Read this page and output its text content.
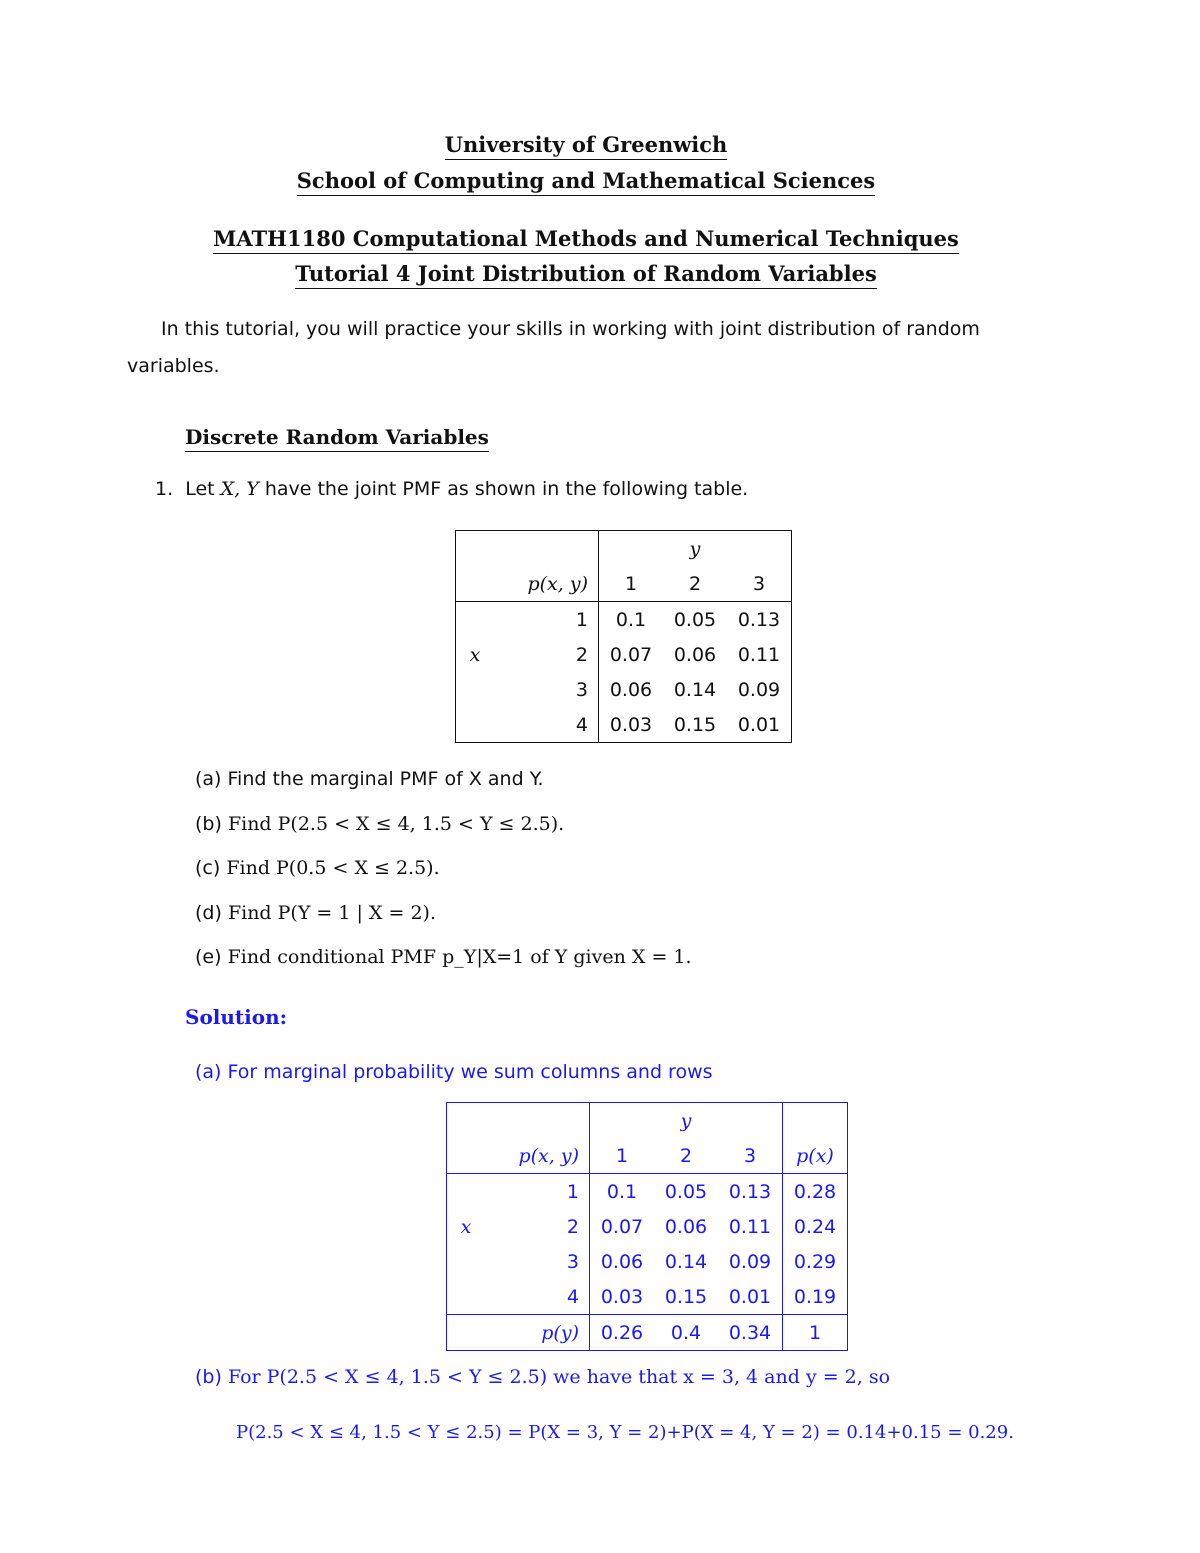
University of Greenwich
School of Computing and Mathematical Sciences
MATH1180 Computational Methods and Numerical Techniques
Tutorial 4 Joint Distribution of Random Variables
In this tutorial, you will practice your skills in working with joint distribution of random
variables.
Discrete Random Variables
1. Let X, Y have the joint PMF as shown in the following table.
		y			
	p(x, y)	1	2	3	
	1	0.1	0.05	0.13	
x	2	0.07	0.06	0.11	
	3	0.06	0.14	0.09	
	4	0.03	0.15	0.01	
(a) Find the marginal PMF of X and Y.
(b) Find P(2.5 < X ≤ 4, 1.5 < Y ≤ 2.5).
(c) Find P(0.5 < X ≤ 2.5).
(d) Find P(Y = 1 | X = 2).
(e) Find conditional PMF p_Y|X=1 of Y given X = 1.
Solution:
(a) For marginal probability we sum columns and rows
		y			
	p(x, y)	1	2	3	p(x)
	1	0.1	0.05	0.13	0.28
x	2	0.07	0.06	0.11	0.24
	3	0.06	0.14	0.09	0.29
	4	0.03	0.15	0.01	0.19
	p(y)	0.26	0.4	0.34	1
(b) For P(2.5 < X ≤ 4, 1.5 < Y ≤ 2.5) we have that x = 3, 4 and y = 2, so
P(2.5 < X ≤ 4, 1.5 < Y ≤ 2.5) = P(X = 3, Y = 2)+P(X = 4, Y = 2) = 0.14+0.15 = 0.29.
